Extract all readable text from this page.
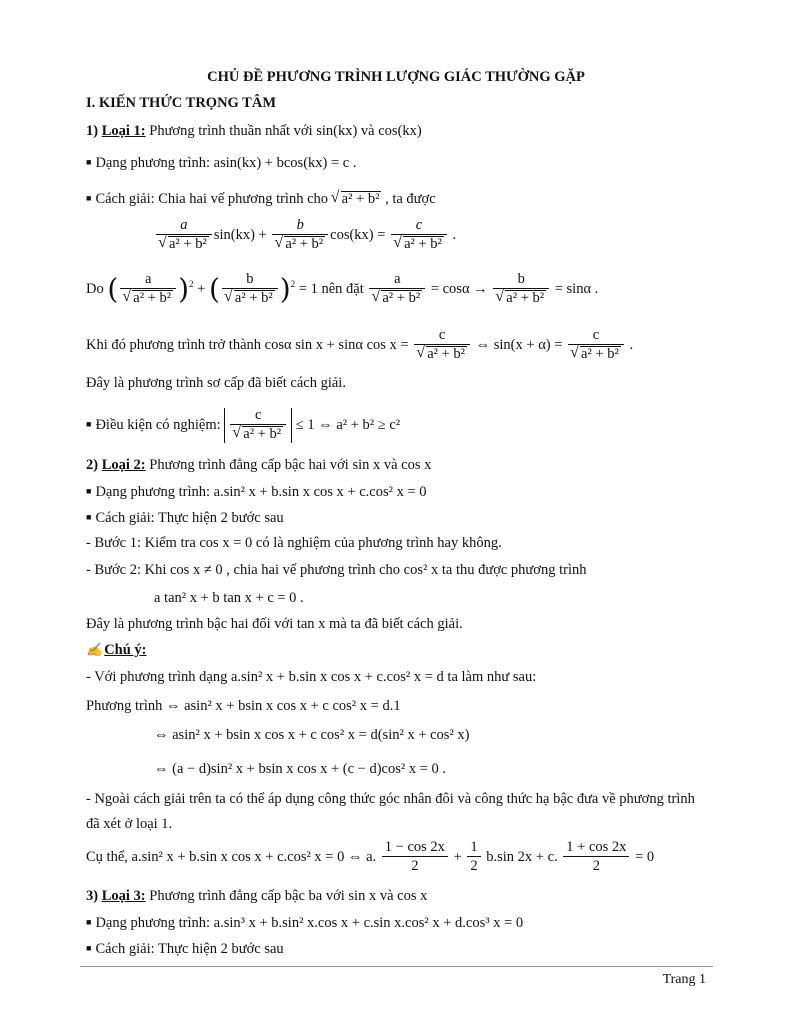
CHỦ ĐỀ PHƯƠNG TRÌNH LƯỢNG GIÁC THƯỜNG GẶP
I. KIẾN THỨC TRỌNG TÂM
1) Loại 1: Phương trình thuần nhất với sin(kx) và cos(kx)
■ Dạng phương trình: asin(kx) + bcos(kx) = c .
■ Cách giải: Chia hai vế phương trình cho √ a² + b² , ta được
a
√ a² + b² sin(kx) + b
√ a² + b² cos(kx) = c
√ a² + b² .
Do ( a
√ a² + b² )$^2$ + ( b
√ a² + b² )$^2$ = 1 nên đặt a
√ a² + b² = cosα → b
√ a² + b² = sinα .
Khi đó phương trình trở thành cosα sin x + sinα cos x = c
√ a² + b² ⇔ sin(x + α) = c
√ a² + b² .
Đây là phương trình sơ cấp đã biết cách giải.
■ Điều kiện có nghiệm: c
√ a² + b² ≤ 1 ⇔ a² + b² ≥ c²
2) Loại 2: Phương trình đẳng cấp bậc hai với sin x và cos x
■ Dạng phương trình: a.sin² x + b.sin x cos x + c.cos² x = 0
■ Cách giải: Thực hiện 2 bước sau
- Bước 1: Kiểm tra cos x = 0 có là nghiệm của phương trình hay không.
- Bước 2: Khi cos x ≠ 0 , chia hai vế phương trình cho cos² x ta thu được phương trình
a tan² x + b tan x + c = 0 .
Đây là phương trình bậc hai đối với tan x mà ta đã biết cách giải.
✍ Chú ý:
- Với phương trình dạng a.sin² x + b.sin x cos x + c.cos² x = d ta làm như sau:
Phương trình ⇔ asin² x + bsin x cos x + c cos² x = d.1
⇔ asin² x + bsin x cos x + c cos² x = d(sin² x + cos² x)
⇔ (a − d)sin² x + bsin x cos x + (c − d)cos² x = 0 .
- Ngoài cách giải trên ta có thể áp dụng công thức góc nhân đôi và công thức hạ bậc đưa về phương trình
đã xét ở loại 1.
Cụ thể, a.sin² x + b.sin x cos x + c.cos² x = 0 ⇔ a. $\frac{1 - \cos 2x}{2} + \frac{1}{2} b.\sin$ 2x + c. $\frac{1 + \cos 2x}{2} = 0$
3) Loại 3: Phương trình đẳng cấp bậc ba với sin x và cos x
■ Dạng phương trình: a.sin³ x + b.sin² x.cos x + c.sin x.cos² x + d.cos³ x = 0
■ Cách giải: Thực hiện 2 bước sau
Trang 1
